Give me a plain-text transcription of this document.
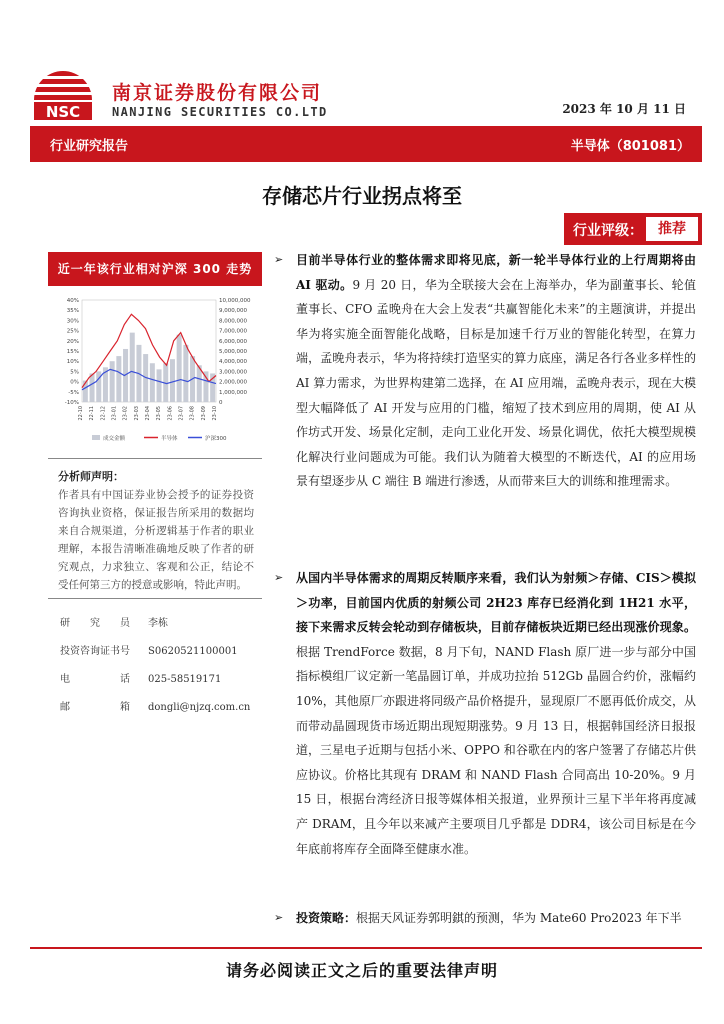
NSC
南京证券股份有限公司
NANJING SECURITIES CO.LTD	2023 年 10 月 11 日
行业研究报告	半导体（801081）
存储芯片行业拐点将至
行业评级：	推荐
近一年该行业相对沪深 300 走势
40%
35%
30%
25%
20%
15%
10%
5%
0%
-5%
-10%
10,000,000
9,000,000
8,000,000
7,000,000
6,000,000
5,000,000
4,000,000
3,000,000
2,000,000
1,000,000
0
22-10 22-11 22-12 23-01 23-02 23-03 23-04 23-05 23-06 23-07 23-08 23-09 23-10
成交金额	半导体	沪深300
分析师声明：
作者具有中国证券业协会授予的证券投资咨询执业资格，保证报告所采用的数据均来自合规渠道，分析逻辑基于作者的职业理解，本报告清晰准确地反映了作者的研究观点，力求独立、客观和公正，结论不受任何第三方的授意或影响，特此声明。
研　　究　　员 李栋
投资咨询证书号 S0620521100001
电　　　　　话 025-58519171
邮　　　　　箱 dongli@njzq.com.cn
➢ 目前半导体行业的整体需求即将见底，新一轮半导体行业的上行周期将由 AI 驱动。9 月 20 日，华为全联接大会在上海举办，华为副董事长、轮值董事长、CFO 孟晚舟在大会上发表“共赢智能化未来”的主题演讲，并提出华为将实施全面智能化战略，目标是加速千行万业的智能化转型，在算力端，孟晚舟表示，华为将持续打造坚实的算力底座，满足各行各业多样性的 AI 算力需求，为世界构建第二选择，在 AI 应用端，孟晚舟表示，现在大模型大幅降低了 AI 开发与应用的门槛，缩短了技术到应用的周期，使 AI 从作坊式开发、场景化定制，走向工业化开发、场景化调优，依托大模型规模化解决行业问题成为可能。我们认为随着大模型的不断迭代，AI 的应用场景有望逐步从 C 端往 B 端进行渗透，从而带来巨大的训练和推理需求。
➢ 从国内半导体需求的周期反转顺序来看，我们认为射频＞存储、CIS＞模拟＞功率，目前国内优质的射频公司 2H23 库存已经消化到 1H21 水平，接下来需求反转会轮动到存储板块，目前存储板块近期已经出现涨价现象。根据 TrendForce 数据，8 月下旬，NAND Flash 原厂进一步与部分中国指标模组厂议定新一笔晶圆订单，并成功拉抬 512Gb 晶圆合约价，涨幅约 10%，其他原厂亦跟进将同级产品价格提升，显现原厂不愿再低价成交，从而带动晶圆现货市场近期出现短期涨势。9 月 13 日，根据韩国经济日报报道，三星电子近期与包括小米、OPPO 和谷歌在内的客户签署了存储芯片供应协议。价格比其现有 DRAM 和 NAND Flash 合同高出 10-20%。9 月 15 日，根据台湾经济日报等媒体相关报道，业界预计三星下半年将再度减产 DRAM，且今年以来减产主要项目几乎都是 DDR4，该公司目标是在今年底前将库存全面降至健康水准。
➢ 投资策略：根据天风证券郭明錤的预测，华为 Mate60 Pro2023 年下半
请务必阅读正文之后的重要法律声明
